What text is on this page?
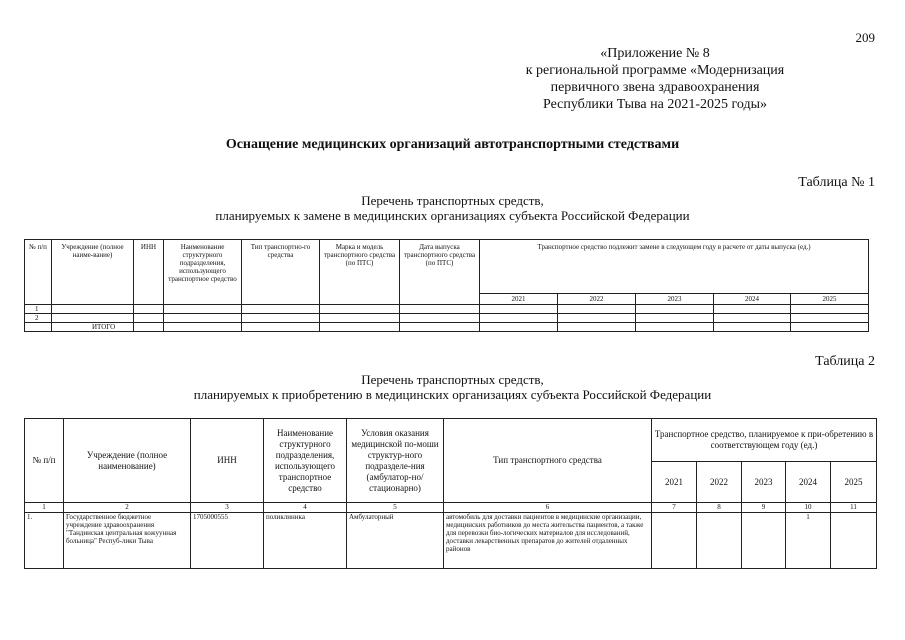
209
«Приложение № 8
к региональной программе «Модернизация
первичного звена здравоохранения
Республики Тыва на 2021-2025 годы»
Оснащение медицинских организаций автотранспортными стедствами
Таблица № 1
Перечень транспортных средств,
планируемых к замене в медицинских организациях субъекта Российской Федерации
№ п/п	Учреждение (полное наиме-вание)	ИНН	Наименование структурного подразделения, использующего транспортное средство	Тип транспортно-го средства	Марка и модель транспортного средства (по ПТС)	Дата выпуска транспортного средства (по ПТС)	Транспортное средство подлежит замене в следующем году в расчете от даты выпуска (ед.)				
							2021	2022	2023	2024	2025
1											
2											
	ИТОГО										
Таблица 2
Перечень транспортных средств,
планируемых к приобретению в медицинских организациях субъекта Российской Федерации
№ п/п	Учреждение (полное наименование)	ИНН	Наименование структурного подразделения, использующего транспортное средство	Условия оказания медицинской по-моши структур-ного подразделе-ния (амбулатор-но/ стационарно)	Тип транспортного средства	Транспортное средство, планируемое к при-обретению в соответствующем году (ед.)				
						2021	2022	2023	2024	2025
1	2	3	4	5	6	7	8	9	10	11
1.	Государственное бюджетное учреждение здравоохранения "Тандинская центральная кожуунная больница" Респуб-лики Тыва	1705000555	поликлиника	Амбулаторный	автомобиль для доставки пациентов в медицинские организации, медицинских работников до места жительства пациентов, а также для перевозки био-логических материалов для исследований, доставки лекарственных препаратов до жителей отдаленных районов				1	
